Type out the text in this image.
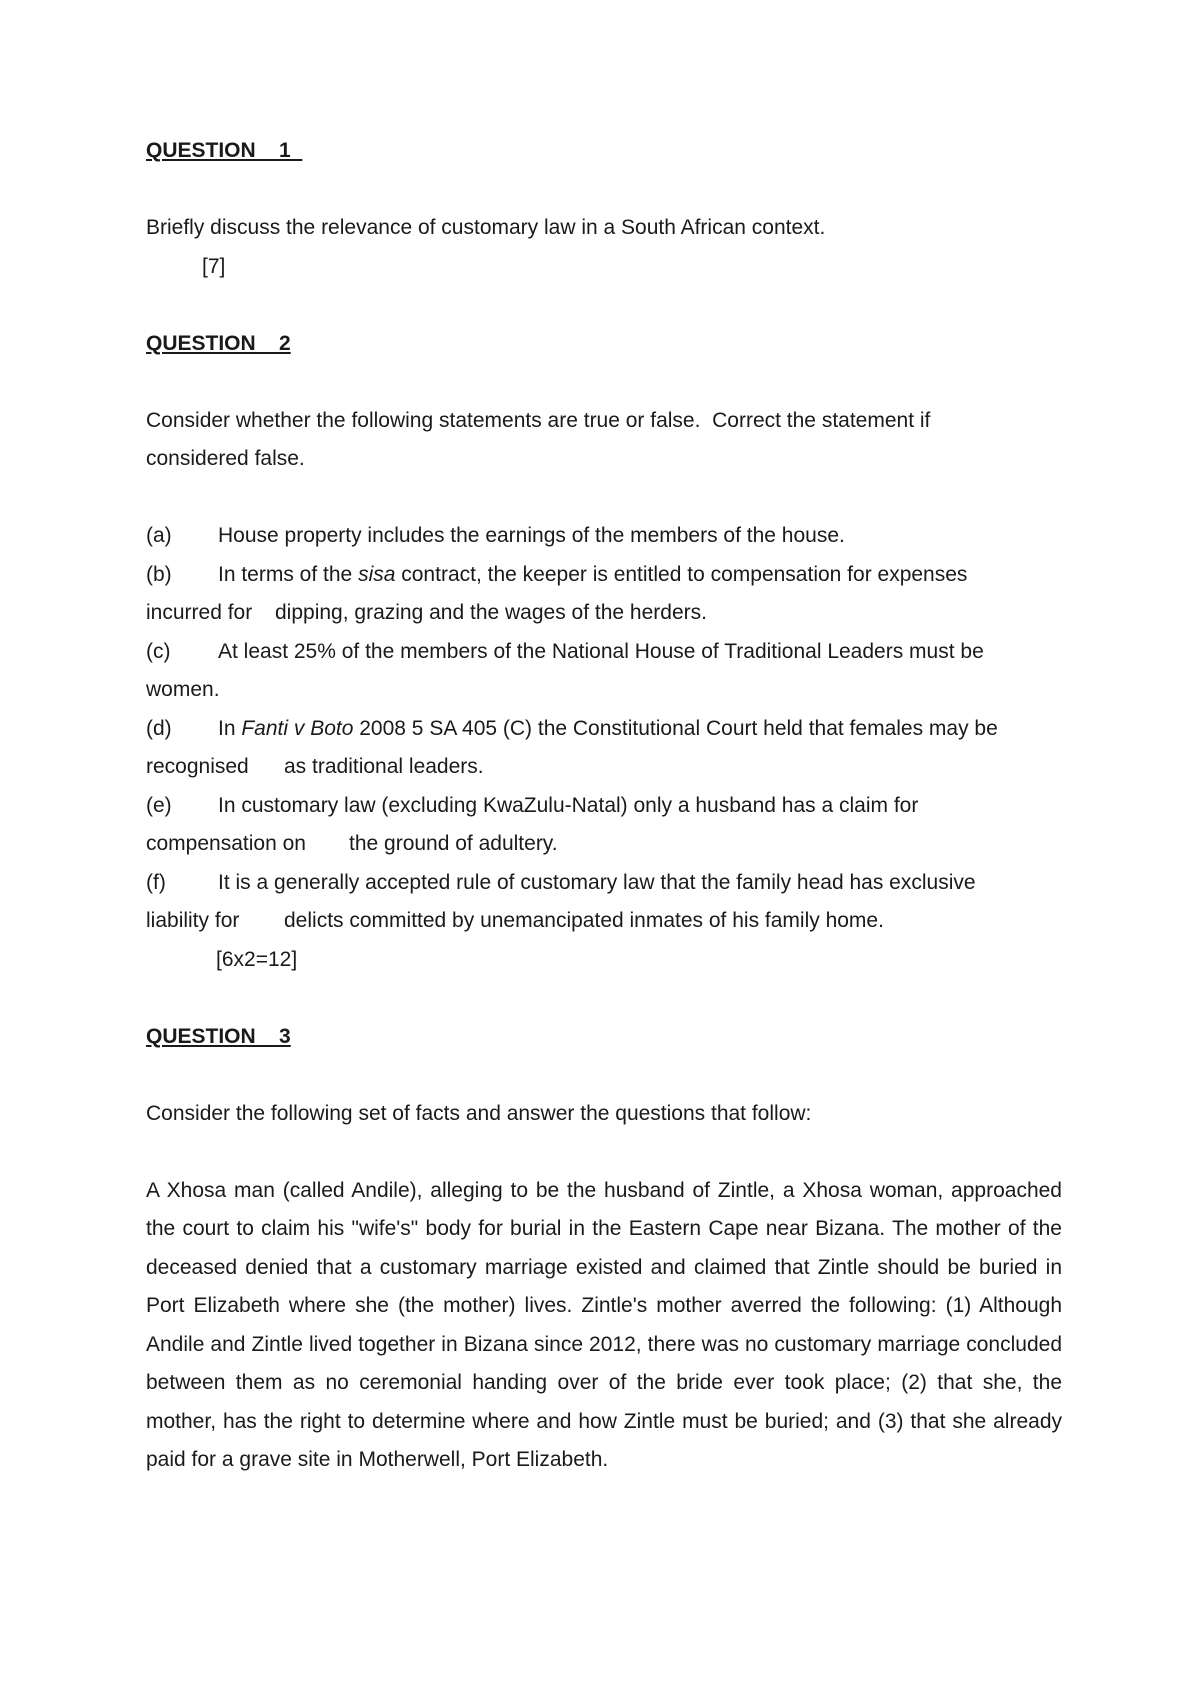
QUESTION    1
Briefly discuss the relevance of customary law in a South African context.
[7]
QUESTION    2
Consider whether the following statements are true or false.  Correct the statement if
considered false.
(a) House property includes the earnings of the members of the house.
(b) In terms of the sisa contract, the keeper is entitled to compensation for expenses
incurred for dipping, grazing and the wages of the herders.
(c) At least 25% of the members of the National House of Traditional Leaders must be
women.
(d) In Fanti v Boto 2008 5 SA 405 (C) the Constitutional Court held that females may be
recognised as traditional leaders.
(e) In customary law (excluding KwaZulu-Natal) only a husband has a claim for
compensation on the ground of adultery.
(f) It is a generally accepted rule of customary law that the family head has exclusive
liability for delicts committed by unemancipated inmates of his family home.
[6x2=12]
QUESTION    3
Consider the following set of facts and answer the questions that follow:

A Xhosa man (called Andile), alleging to be the husband of Zintle, a Xhosa woman, approached the court to claim his "wife's" body for burial in the Eastern Cape near Bizana. The mother of the deceased denied that a customary marriage existed and claimed that Zintle should be buried in Port Elizabeth where she (the mother) lives. Zintle's mother averred the following: (1) Although Andile and Zintle lived together in Bizana since 2012, there was no customary marriage concluded between them as no ceremonial handing over of the bride ever took place; (2) that she, the mother, has the right to determine where and how Zintle must be buried; and (3) that she already paid for a grave site in Motherwell, Port Elizabeth.
